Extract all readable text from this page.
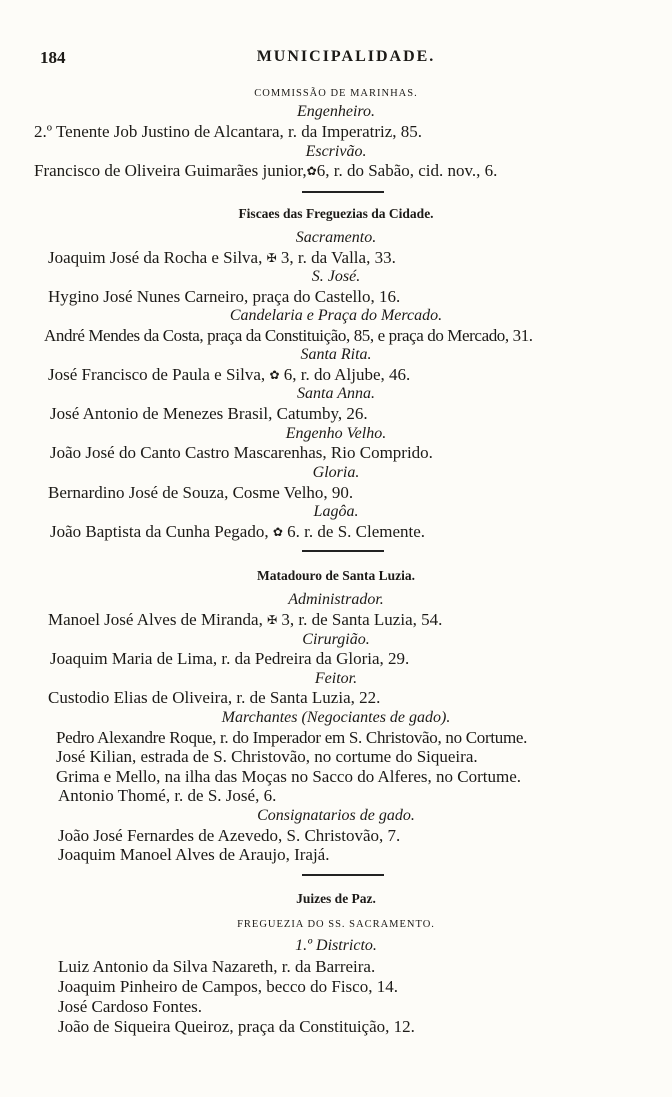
184	MUNICIPALIDADE.
COMMISSÃO DE MARINHAS.
Engenheiro.
2.º Tenente Job Justino de Alcantara, r. da Imperatriz, 85.
Escrivão.
Francisco de Oliveira Guimarães junior,✿6, r. do Sabão, cid. nov., 6.
Fiscaes das Freguezias da Cidade.
Sacramento.
Joaquim José da Rocha e Silva, ✠ 3, r. da Valla, 33.
S. José.
Hygino José Nunes Carneiro, praça do Castello, 16.
Candelaria e Praça do Mercado.
André Mendes da Costa, praça da Constituição, 85, e praça do Mercado, 31.
Santa Rita.
José Francisco de Paula e Silva, ✿ 6, r. do Aljube, 46.
Santa Anna.
José Antonio de Menezes Brasil, Catumby, 26.
Engenho Velho.
João José do Canto Castro Mascarenhas, Rio Comprido.
Gloria.
Bernardino José de Souza, Cosme Velho, 90.
Lagôa.
João Baptista da Cunha Pegado, ✿ 6. r. de S. Clemente.
Matadouro de Santa Luzia.
Administrador.
Manoel José Alves de Miranda, ✠ 3, r. de Santa Luzia, 54.
Cirurgião.
Joaquim Maria de Lima, r. da Pedreira da Gloria, 29.
Feitor.
Custodio Elias de Oliveira, r. de Santa Luzia, 22.
Marchantes (Negociantes de gado).
Pedro Alexandre Roque, r. do Imperador em S. Christovão, no Cortume.
José Kilian, estrada de S. Christovão, no cortume do Siqueira.
Grima e Mello, na ilha das Moças no Sacco do Alferes, no Cortume.
Antonio Thomé, r. de S. José, 6.
Consignatarios de gado.
João José Fernardes de Azevedo, S. Christovão, 7.
Joaquim Manoel Alves de Araujo, Irajá.
Juizes de Paz.
FREGUEZIA DO SS. SACRAMENTO.
1.º Districto.
Luiz Antonio da Silva Nazareth, r. da Barreira.
Joaquim Pinheiro de Campos, becco do Fisco, 14.
José Cardoso Fontes.
João de Siqueira Queiroz, praça da Constituição, 12.
